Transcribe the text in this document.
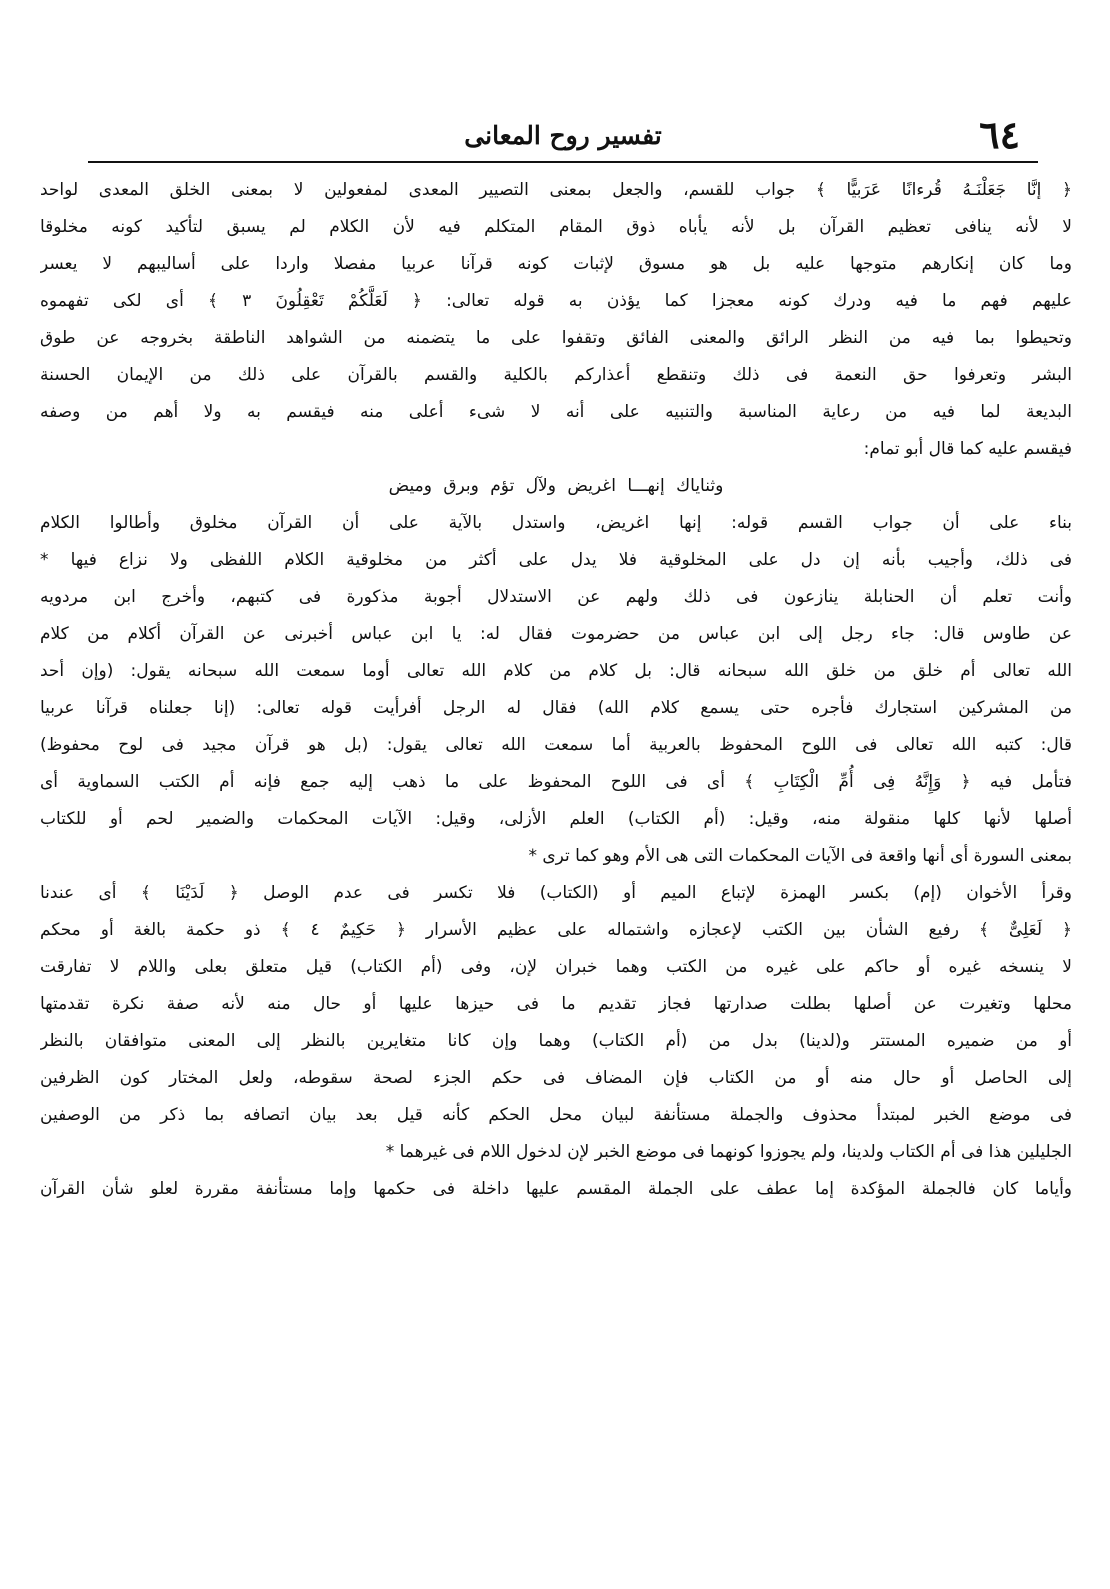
٦٤
تفسير روح المعانى
﴿ إنَّا جَعَلْنَـهُ قُرءانًا عَرَبيًّا ﴾ جواب للقسم، والجعل بمعنى التصيير المعدى لمفعولين لا بمعنى الخلق المعدى لواحد
لا لأنه ينافى تعظيم القرآن بل لأنه يأباه ذوق المقام المتكلم فيه لأن الكلام لم يسبق لتأكيد كونه مخلوقا
وما كان إنكارهم متوجها عليه بل هو مسوق لإثبات كونه قرآنا عربيا مفصلا واردا على أساليبهم لا يعسر
عليهم فهم ما فيه ودرك كونه معجزا كما يؤذن به قوله تعالى: ﴿ لَعَلَّكُمْ تَعْقِلُونَ ٣ ﴾ أى لكى تفهموه
وتحيطوا بما فيه من النظر الرائق والمعنى الفائق وتقفوا على ما يتضمنه من الشواهد الناطقة بخروجه عن طوق
البشر وتعرفوا حق النعمة فى ذلك وتنقطع أعذاركم بالكلية والقسم بالقرآن على ذلك من الإيمان الحسنة
البديعة لما فيه من رعاية المناسبة والتنبيه على أنه لا شىء أعلى منه فيقسم به ولا أهم من وصفه
فيقسم عليه كما قال أبو تمام:
وثناياك إنهـــا اغريض ولآل تؤم وبرق وميض
بناء على أن جواب القسم قوله: إنها اغريض، واستدل بالآية على أن القرآن مخلوق وأطالوا الكلام
فى ذلك، وأجيب بأنه إن دل على المخلوقية فلا يدل على أكثر من مخلوقية الكلام اللفظى ولا نزاع فيها *
وأنت تعلم أن الحنابلة ينازعون فى ذلك ولهم عن الاستدلال أجوبة مذكورة فى كتبهم، وأخرج ابن مردويه
عن طاوس قال: جاء رجل إلى ابن عباس من حضرموت فقال له: يا ابن عباس أخبرنى عن القرآن أكلام من كلام
الله تعالى أم خلق من خلق الله سبحانه قال: بل كلام من كلام الله تعالى أوما سمعت الله سبحانه يقول: (وإن أحد
من المشركين استجارك فأجره حتى يسمع كلام الله) فقال له الرجل أفرأيت قوله تعالى: (إنا جعلناه قرآنا عربيا
قال: كتبه الله تعالى فى اللوح المحفوظ بالعربية أما سمعت الله تعالى يقول: (بل هو قرآن مجيد فى لوح محفوظ)
فتأمل فيه ﴿ وَإِنَّهُ فِى أُمِّ الْكِتَابِ ﴾ أى فى اللوح المحفوظ على ما ذهب إليه جمع فإنه أم الكتب السماوية أى
أصلها لأنها كلها منقولة منه، وقيل: (أم الكتاب) العلم الأزلى، وقيل: الآيات المحكمات والضمير لحم أو للكتاب
بمعنى السورة أى أنها واقعة فى الآيات المحكمات التى هى الأم وهو كما ترى *
وقرأ الأخوان (إم) بكسر الهمزة لإتباع الميم أو (الكتاب) فلا تكسر فى عدم الوصل ﴿ لَدَيْنَا ﴾ أى عندنا
﴿ لَعَلِىٌّ ﴾ رفيع الشأن بين الكتب لإعجازه واشتماله على عظيم الأسرار ﴿ حَكِيمٌ ٤ ﴾ ذو حكمة بالغة أو محكم
لا ينسخه غيره أو حاكم على غيره من الكتب وهما خبران لإن، وفى (أم الكتاب) قيل متعلق بعلى واللام لا تفارقت
محلها وتغيرت عن أصلها بطلت صدارتها فجاز تقديم ما فى حيزها عليها أو حال منه لأنه صفة نكرة تقدمتها
أو من ضميره المستتر و(لدينا) بدل من (أم الكتاب) وهما وإن كانا متغايرين بالنظر إلى المعنى متوافقان بالنظر
إلى الحاصل أو حال منه أو من الكتاب فإن المضاف فى حكم الجزء لصحة سقوطه، ولعل المختار كون الظرفين
فى موضع الخبر لمبتدأ محذوف والجملة مستأنفة لبيان محل الحكم كأنه قيل بعد بيان اتصافه بما ذكر من الوصفين
الجليلين هذا فى أم الكتاب ولدينا، ولم يجوزوا كونهما فى موضع الخبر لإن لدخول اللام فى غيرهما *
وأياما كان فالجملة المؤكدة إما عطف على الجملة المقسم عليها داخلة فى حكمها وإما مستأنفة مقررة لعلو شأن القرآن
